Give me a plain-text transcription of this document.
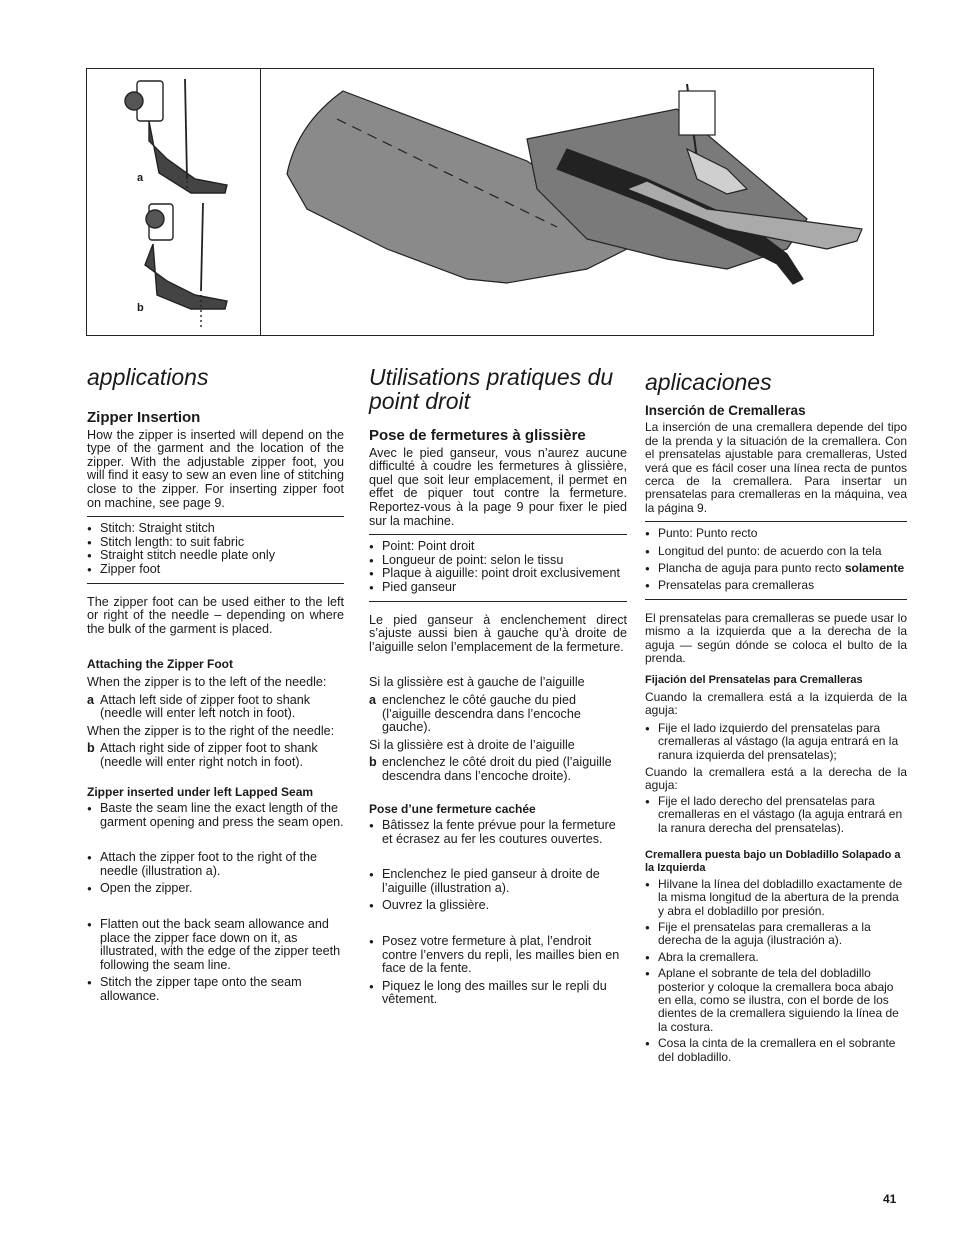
a
b
applications
Zipper Insertion

How the zipper is inserted will depend on the type of the garment and the location of the zipper. With the adjustable zipper foot, you will find it easy to sew an even line of stitching close to the zipper. For inserting zipper foot on machine, see page 9.

● Stitch: Straight stitch
● Stitch length: to suit fabric
● Straight stitch needle plate only
● Zipper foot

The zipper foot can be used either to the left or right of the needle – depending on where the bulk of the garment is placed.

Attaching the Zipper Foot

When the zipper is to the left of the needle:

a Attach left side of zipper foot to shank (needle will enter left notch in foot).

When the zipper is to the right of the needle:

b Attach right side of zipper foot to shank (needle will enter right notch in foot).
Zipper inserted under left Lapped Seam
● Baste the seam line the exact length of the garment opening and press the seam open.
● Attach the zipper foot to the right of the needle (illustration a).
● Open the zipper.
● Flatten out the back seam allowance and place the zipper face down on it, as illustrated, with the edge of the zipper teeth following the seam line.
● Stitch the zipper tape onto the seam allowance.
Utilisations pratiques du point droit
Pose de fermetures à glissière

Avec le pied ganseur, vous n’aurez aucune difficulté à coudre les fermetures à glissière, quel que soit leur emplacement, il permet en effet de piquer tout contre la fermeture. Reportez-vous à la page 9 pour fixer le pied sur la machine.

● Point: Point droit
● Longueur de point: selon le tissu
● Plaque à aiguille: point droit exclusivement
● Pied ganseur

Le pied ganseur à enclenchement direct s’ajuste aussi bien à gauche qu’à droite de l’aiguille selon l’emplacement de la fermeture.

Si la glissière est à gauche de l’aiguille

a enclenchez le côté gauche du pied (l’aiguille descendra dans l’encoche gauche).

Si la glissière est à droite de l’aiguille

b enclenchez le côté droit du pied (l’aiguille descendra dans l’encoche droite).
Pose d’une fermeture cachée
● Bâtissez la fente prévue pour la fermeture et écrasez au fer les coutures ouvertes.
● Enclenchez le pied ganseur à droite de l’aiguille (illustration a).
● Ouvrez la glissière.
● Posez votre fermeture à plat, l’endroit contre l’envers du repli, les mailles bien en face de la fente.
● Piquez le long des mailles sur le repli du vêtement.
aplicaciones
Inserción de Cremalleras

La inserción de una cremallera depende del tipo de la prenda y la situación de la cremallera. Con el prensatelas ajustable para cremalleras, Usted verá que es fácil coser una línea recta de puntos cerca de la cremallera. Para insertar un prensatelas para cremalleras en la máquina, vea la página 9.

● Punto: Punto recto
● Longitud del punto: de acuerdo con la tela
● Plancha de aguja para punto recto solamente
● Prensatelas para cremalleras

El prensatelas para cremalleras se puede usar lo mismo a la izquierda que a la derecha de la aguja — según dónde se coloca el bulto de la prenda.

Fijación del Prensatelas para Cremalleras

Cuando la cremallera está a la izquierda de la aguja:

● Fije el lado izquierdo del prensatelas para cremalleras al vástago (la aguja entrará en la ranura izquierda del prensatelas);

Cuando la cremallera está a la derecha de la aguja:

● Fije el lado derecho del prensatelas para cremalleras en el vástago (la aguja entrará en la ranura derecha del prensatelas).
Cremallera puesta bajo un Dobladillo Solapado a la Izquierda
● Hilvane la línea del dobladillo exactamente de la misma longitud de la abertura de la prenda y abra el dobladillo por presión.
● Fije el prensatelas para cremalleras a la derecha de la aguja (ilustración a).
● Abra la cremallera.
● Aplane el sobrante de tela del dobladillo posterior y coloque la cremallera boca abajo en ella, como se ilustra, con el borde de los dientes de la cremallera siguiendo la línea de la costura.
● Cosa la cinta de la cremallera en el sobrante del dobladillo.
41
